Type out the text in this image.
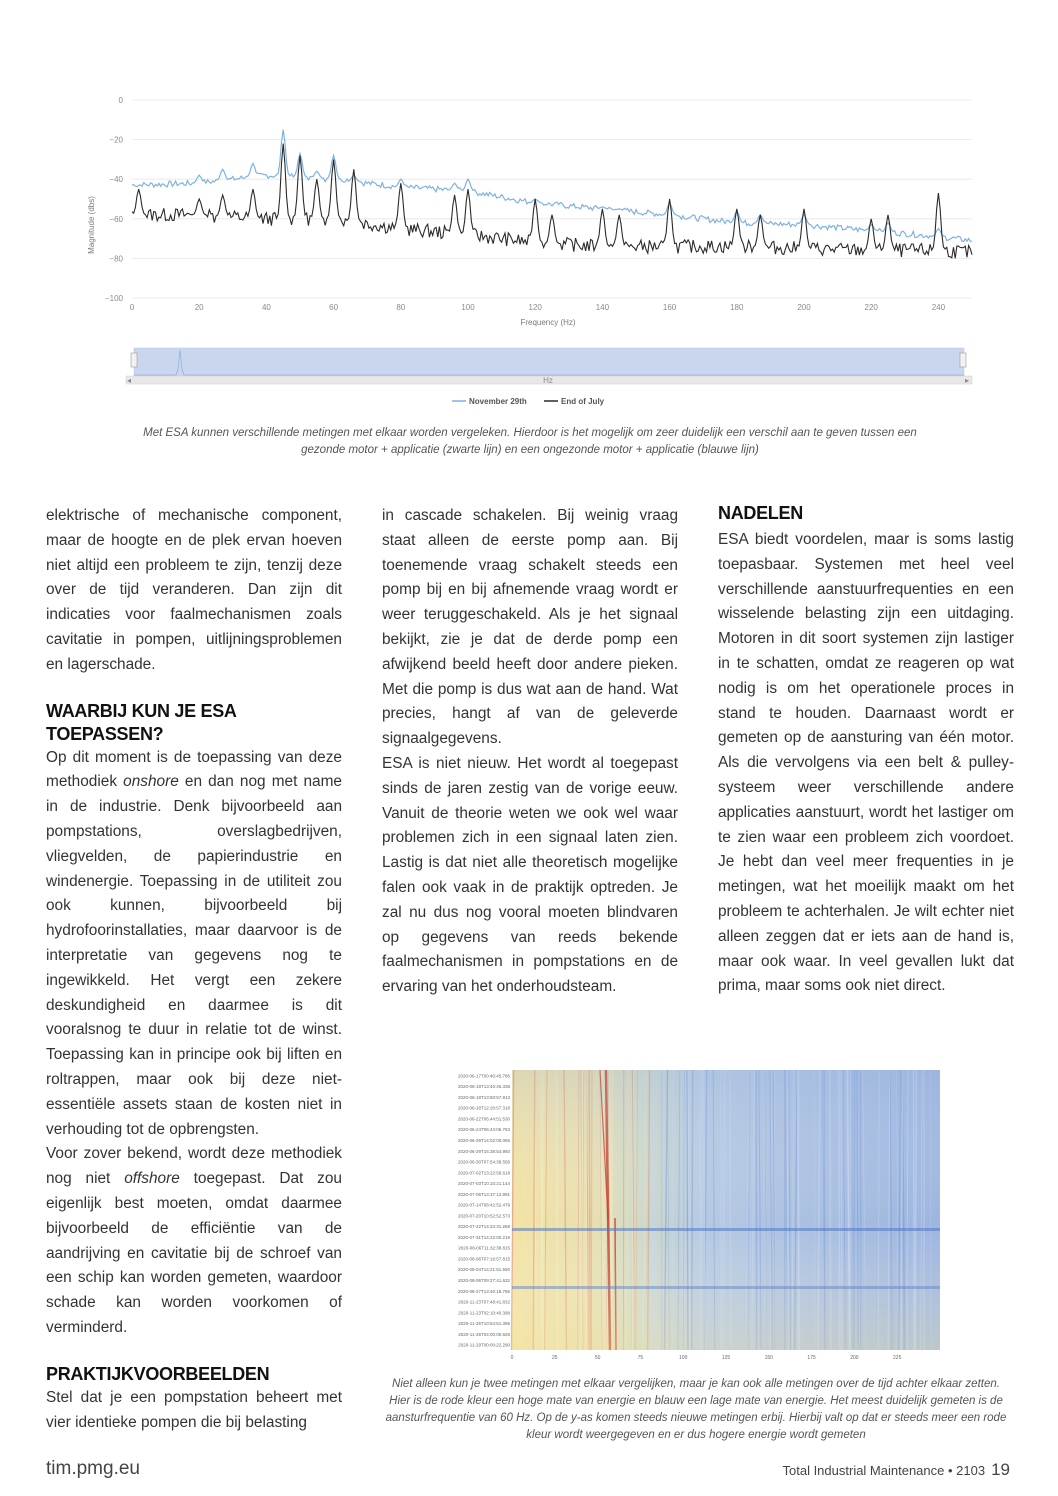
0
−20
−40
−60
−80
−100
0	20	40	60	80	100	120	140	160	180	200	220	240
Magnitude (dbs)
Frequency (Hz)
◂	▸
Hz
November 29th	End of July
Met ESA kunnen verschillende metingen met elkaar worden vergeleken. Hierdoor is het mogelijk om zeer duidelijk een verschil aan te geven tussen een gezonde motor + applicatie (zwarte lijn) en een ongezonde motor + applicatie (blauwe lijn)

elektrische of mechanische component, maar de hoogte en de plek ervan hoeven niet altijd een probleem te zijn, tenzij deze over de tijd veranderen. Dan zijn dit indicaties voor faalmechanismen zoals cavitatie in pompen, uitlijningsproblemen en lagerschade.

WAARBIJ KUN JE ESA TOEPASSEN?

Op dit moment is de toepassing van deze methodiek onshore en dan nog met name in de industrie. Denk bijvoorbeeld aan pompstations, overslagbedrijven, vliegvelden, de papierindustrie en windenergie. Toepassing in de utiliteit zou ook kunnen, bijvoorbeeld bij hydrofoorinstallaties, maar daarvoor is de interpretatie van gegevens nog te ingewikkeld. Het vergt een zekere deskundigheid en daarmee is dit vooralsnog te duur in relatie tot de winst. Toepassing kan in principe ook bij liften en roltrappen, maar ook bij deze niet-essentiële assets staan de kosten niet in verhouding tot de opbrengsten.

Voor zover bekend, wordt deze methodiek nog niet offshore toegepast. Dat zou eigenlijk best moeten, omdat daarmee bijvoorbeeld de efficiëntie van de aandrijving en cavitatie bij de schroef van een schip kan worden gemeten, waardoor schade kan worden voorkomen of verminderd.

PRAKTIJKVOORBEELDEN

Stel dat je een pompstation beheert met vier identieke pompen die bij belasting

in cascade schakelen. Bij weinig vraag staat alleen de eerste pomp aan. Bij toenemende vraag schakelt steeds een pomp bij en bij afnemende vraag wordt er weer teruggeschakeld. Als je het signaal bekijkt, zie je dat de derde pomp een afwijkend beeld heeft door andere pieken. Met die pomp is dus wat aan de hand. Wat precies, hangt af van de geleverde signaalgegevens.

ESA is niet nieuw. Het wordt al toegepast sinds de jaren zestig van de vorige eeuw. Vanuit de theorie weten we ook wel waar problemen zich in een signaal laten zien. Lastig is dat niet alle theoretisch mogelijke falen ook vaak in de praktijk optreden. Je zal nu dus nog vooral moeten blindvaren op gegevens van reeds bekende faalmechanismen in pompstations en de ervaring van het onderhoudsteam.

NADELEN

ESA biedt voordelen, maar is soms lastig toepasbaar. Systemen met heel veel verschillende aanstuurfrequenties en een wisselende belasting zijn een uitdaging. Motoren in dit soort systemen zijn lastiger in te schatten, omdat ze reageren op wat nodig is om het operationele proces in stand te houden. Daarnaast wordt er gemeten op de aansturing van één motor. Als die vervolgens via een belt & pulley-systeem weer verschillende andere applicaties aanstuurt, wordt het lastiger om te zien waar een probleem zich voordoet. Je hebt dan veel meer frequenties in je metingen, wat het moeilijk maakt om het probleem te achterhalen. Je wilt echter niet alleen zeggen dat er iets aan de hand is, maar ook waar. In veel gevallen lukt dat prima, maar soms ook niet direct.

2020-06-17T00:40:45.786
2020-06-18T13:40:46.338
2020-06-18T13:50:57.913
2020-06-18T12:20:57.318
2020-06-22T06:44:51.530
2020-06-24T06:44:06.763
2020-06-29T14:02:00.066
2020-06-29T16:38:54.950
2020-06-30T07:54:38.556
2020-07-02T13:22:58.618
2020-07-03T10:10:21.144
2020-07-06T13:37:12.891
2020-07-14T08:42:52.479
2020-07-20T10:52:52.573
2020-07-22T14:34:31.268
2020-07-31T14:22:00.219
2020-08-06T11:32:38.815
2020-08-06T07:16:57.815
2020-08-04T14:21:51.550
2020-08-06T09:27:41.632
2020-08-27T13:40:18.756
2020-11-23T07:48:41.832
2020-11-23T02:10:40.398
2020-11-25T10:54:51.395
2020-11-26T04:00:00.926
2020-11-29T00:00:22.290
0	25	50	75	100	125	150	175	200	225
Niet alleen kun je twee metingen met elkaar vergelijken, maar je kan ook alle metingen over de tijd achter elkaar zetten. Hier is de rode kleur een hoge mate van energie en blauw een lage mate van energie. Het meest duidelijk gemeten is de aansturfrequentie van 60 Hz. Op de y-as komen steeds nieuwe metingen erbij. Hierbij valt op dat er steeds meer een rode kleur wordt weergegeven en er dus hogere energie wordt gemeten
tim.pmg.eu	Total Industrial Maintenance • 2103 19
